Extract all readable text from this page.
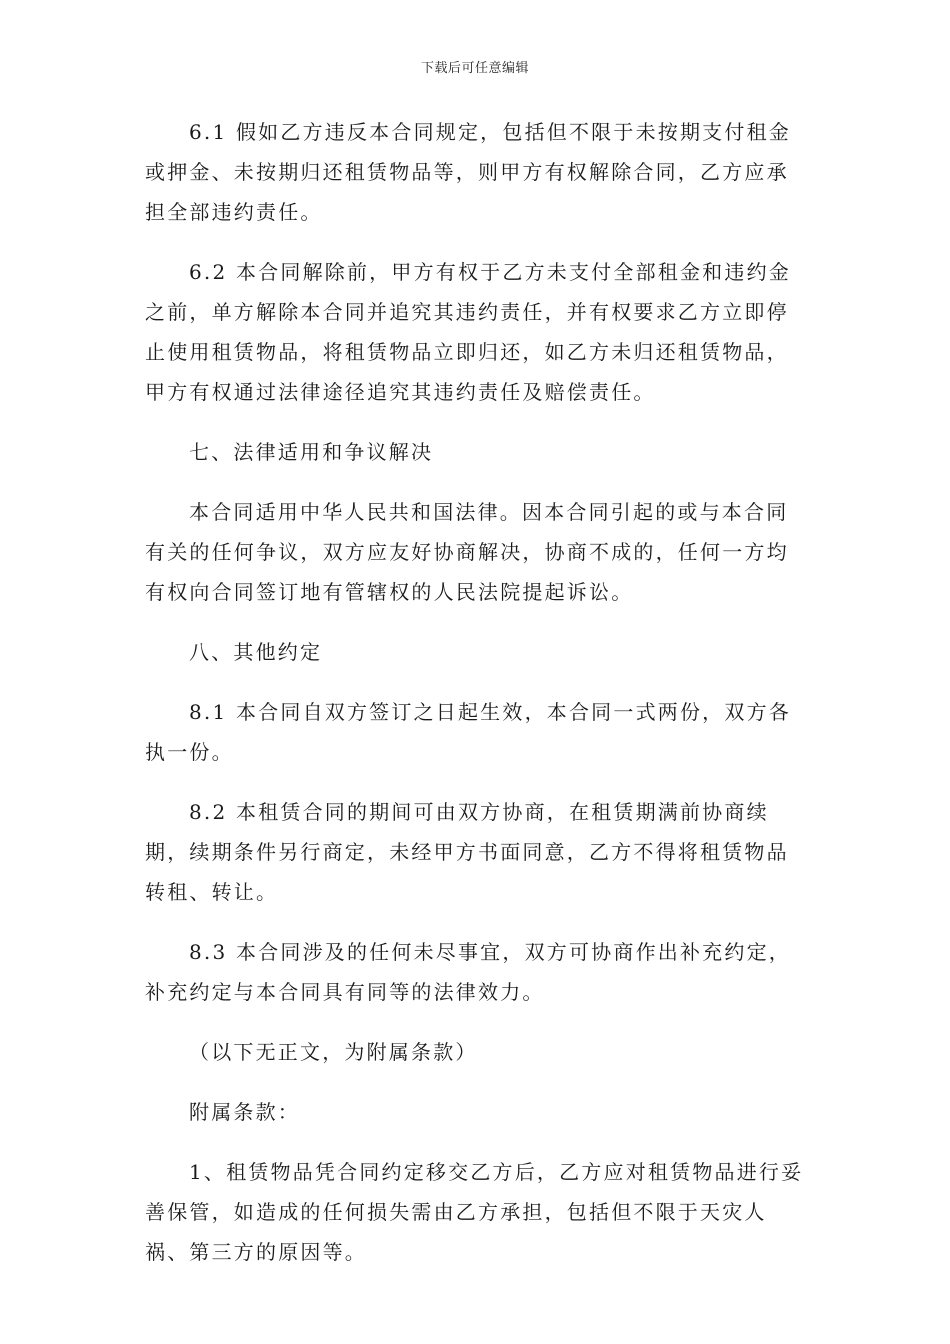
下载后可任意编辑

6.1 假如乙方违反本合同规定，包括但不限于未按期支付租金或押金、未按期归还租赁物品等，则甲方有权解除合同，乙方应承担全部违约责任。

6.2 本合同解除前，甲方有权于乙方未支付全部租金和违约金之前，单方解除本合同并追究其违约责任，并有权要求乙方立即停止使用租赁物品，将租赁物品立即归还，如乙方未归还租赁物品，甲方有权通过法律途径追究其违约责任及赔偿责任。

七、法律适用和争议解决

本合同适用中华人民共和国法律。因本合同引起的或与本合同有关的任何争议，双方应友好协商解决，协商不成的，任何一方均有权向合同签订地有管辖权的人民法院提起诉讼。

八、其他约定

8.1 本合同自双方签订之日起生效，本合同一式两份，双方各执一份。

8.2 本租赁合同的期间可由双方协商，在租赁期满前协商续期，续期条件另行商定，未经甲方书面同意，乙方不得将租赁物品转租、转让。

8.3 本合同涉及的任何未尽事宜，双方可协商作出补充约定，补充约定与本合同具有同等的法律效力。

（以下无正文，为附属条款）

附属条款：

1、租赁物品凭合同约定移交乙方后，乙方应对租赁物品进行妥善保管，如造成的任何损失需由乙方承担，包括但不限于天灾人祸、第三方的原因等。
